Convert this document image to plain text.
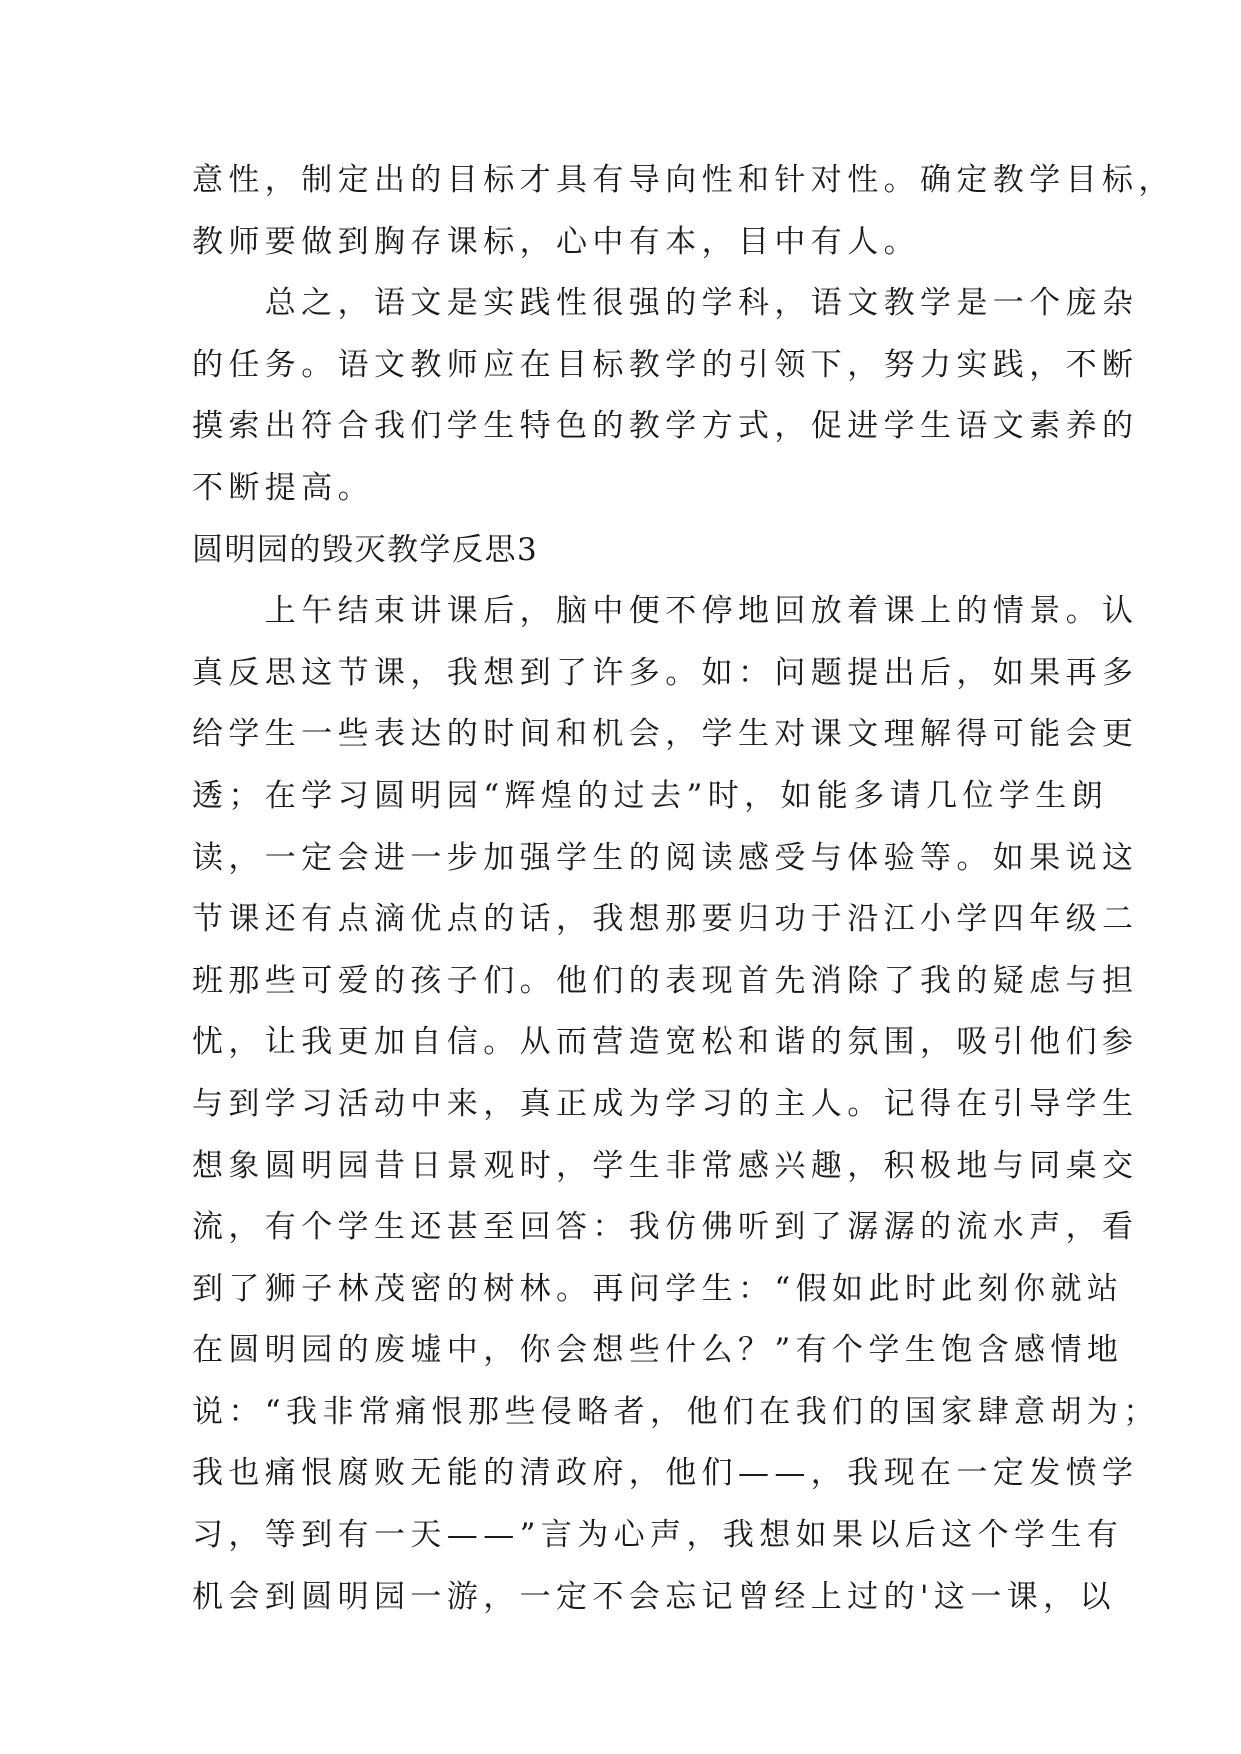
意性，制定出的目标才具有导向性和针对性。确定教学目标，
教师要做到胸存课标，心中有本，目中有人。
　　总之，语文是实践性很强的学科，语文教学是一个庞杂
的任务。语文教师应在目标教学的引领下，努力实践，不断
摸索出符合我们学生特色的教学方式，促进学生语文素养的
不断提高。
圆明园的毁灭教学反思3
　　上午结束讲课后，脑中便不停地回放着课上的情景。认
真反思这节课，我想到了许多。如：问题提出后，如果再多
给学生一些表达的时间和机会，学生对课文理解得可能会更
透；在学习圆明园“辉煌的过去”时，如能多请几位学生朗
读，一定会进一步加强学生的阅读感受与体验等。如果说这
节课还有点滴优点的话，我想那要归功于沿江小学四年级二
班那些可爱的孩子们。他们的表现首先消除了我的疑虑与担
忧，让我更加自信。从而营造宽松和谐的氛围，吸引他们参
与到学习活动中来，真正成为学习的主人。记得在引导学生
想象圆明园昔日景观时，学生非常感兴趣，积极地与同桌交
流，有个学生还甚至回答：我仿佛听到了潺潺的流水声，看
到了狮子林茂密的树林。再问学生：“假如此时此刻你就站
在圆明园的废墟中，你会想些什么？”有个学生饱含感情地
说：“我非常痛恨那些侵略者，他们在我们的国家肆意胡为；
我也痛恨腐败无能的清政府，他们——，我现在一定发愤学
习，等到有一天——”言为心声，我想如果以后这个学生有
机会到圆明园一游，一定不会忘记曾经上过的'这一课，以
